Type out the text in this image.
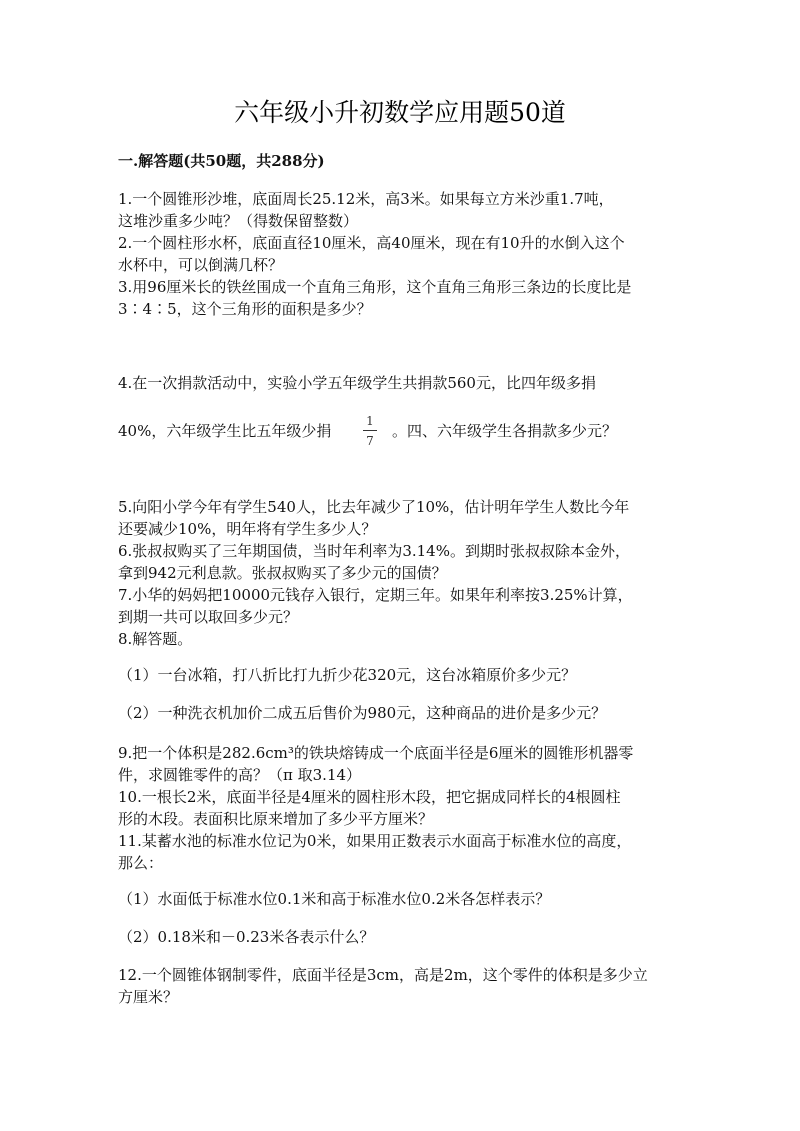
六年级小升初数学应用题50道
一.解答题(共50题，共288分)
1.一个圆锥形沙堆，底面周长25.12米，高3米。如果每立方米沙重1.7吨，
这堆沙重多少吨？（得数保留整数）
2.一个圆柱形水杯，底面直径10厘米，高40厘米，现在有10升的水倒入这个
水杯中，可以倒满几杯？
3.用96厘米长的铁丝围成一个直角三角形，这个直角三角形三条边的长度比是
3∶4∶5，这个三角形的面积是多少？
4.在一次捐款活动中，实验小学五年级学生共捐款560元，比四年级多捐
40%，六年级学生比五年级少捐
1
7
。四、六年级学生各捐款多少元？
5.向阳小学今年有学生540人，比去年减少了10%，估计明年学生人数比今年
还要减少10%，明年将有学生多少人？
6.张叔叔购买了三年期国债，当时年利率为3.14%。到期时张叔叔除本金外，
拿到942元利息款。张叔叔购买了多少元的国债？
7.小华的妈妈把10000元钱存入银行，定期三年。如果年利率按3.25%计算，
到期一共可以取回多少元？
8.解答题。
（1）一台冰箱，打八折比打九折少花320元，这台冰箱原价多少元？
（2）一种洗衣机加价二成五后售价为980元，这种商品的进价是多少元？
9.把一个体积是282.6cm³的铁块熔铸成一个底面半径是6厘米的圆锥形机器零
件，求圆锥零件的高？（π 取3.14）
10.一根长2米，底面半径是4厘米的圆柱形木段，把它据成同样长的4根圆柱
形的木段。表面积比原来增加了多少平方厘米？
11.某蓄水池的标准水位记为0米，如果用正数表示水面高于标准水位的高度，
那么：
（1）水面低于标准水位0.1米和高于标准水位0.2米各怎样表示？
（2）0.18米和－0.23米各表示什么？
12.一个圆锥体钢制零件，底面半径是3cm，高是2m，这个零件的体积是多少立
方厘米？
